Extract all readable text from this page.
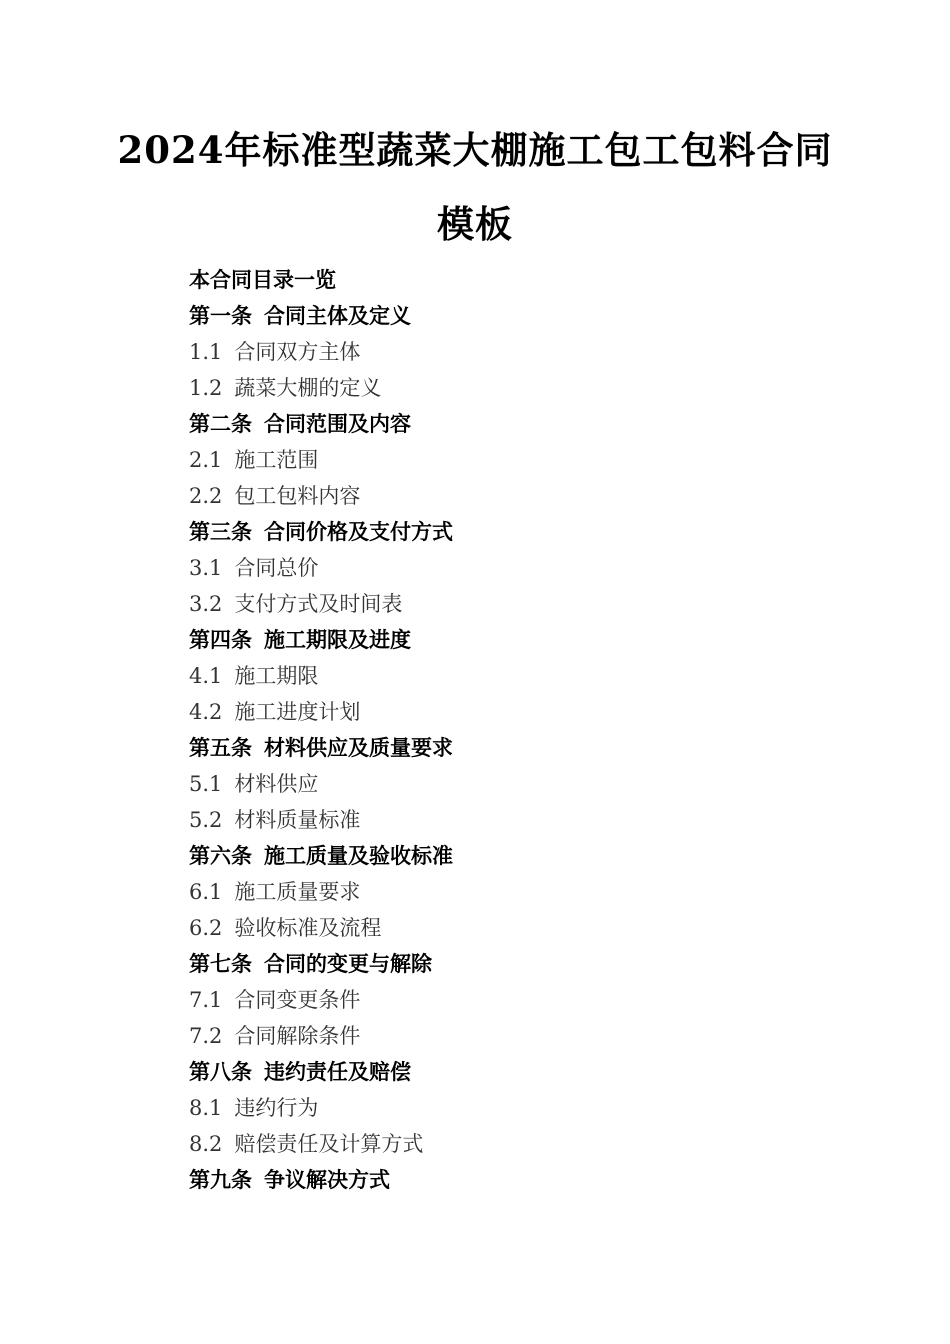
2024年标准型蔬菜大棚施工包工包料合同
模板
本合同目录一览
第一条 合同主体及定义
1.1 合同双方主体
1.2 蔬菜大棚的定义
第二条 合同范围及内容
2.1 施工范围
2.2 包工包料内容
第三条 合同价格及支付方式
3.1 合同总价
3.2 支付方式及时间表
第四条 施工期限及进度
4.1 施工期限
4.2 施工进度计划
第五条 材料供应及质量要求
5.1 材料供应
5.2 材料质量标准
第六条 施工质量及验收标准
6.1 施工质量要求
6.2 验收标准及流程
第七条 合同的变更与解除
7.1 合同变更条件
7.2 合同解除条件
第八条 违约责任及赔偿
8.1 违约行为
8.2 赔偿责任及计算方式
第九条 争议解决方式
